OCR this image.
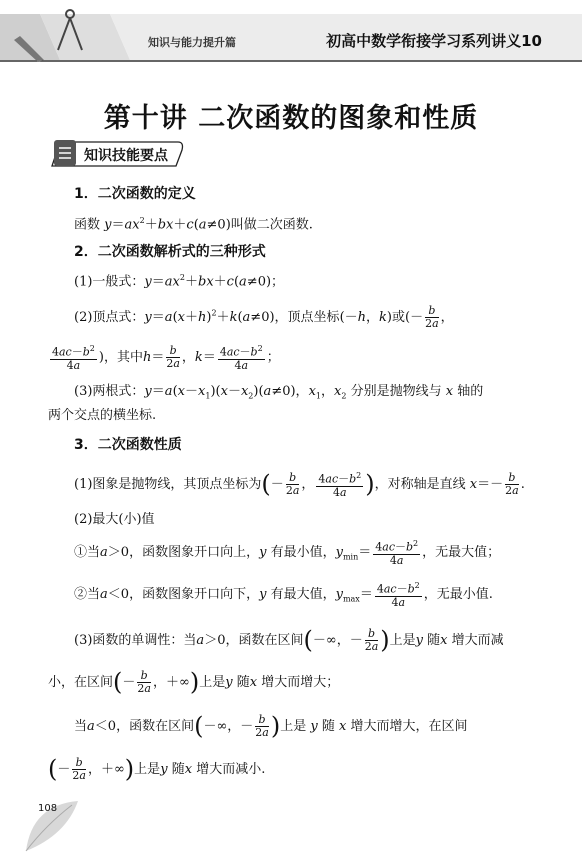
知识与能力提升篇	初高中数学衔接学习系列讲义10
第十讲 二次函数的图象和性质
知识技能要点
1．二次函数的定义
函数 $y=ax^2+bx+c(a\ne 0)$叫做二次函数.
2．二次函数解析式的三种形式
(1)一般式：$y=ax^2+bx+c(a\ne 0)$；
(2)顶点式：$y=a(x+h)^2+k(a\ne 0)$，顶点坐标(－h，k)或(－ $\frac{b}{2a}$ ，
$\frac{4ac-b^2}{4a}$ )，其中$h= \frac{b}{2a}$ ，$k= \frac{4ac-b^2}{4a}$ ；
(3)两根式：$y=a(x-x_1)(x-x_2)(a\ne 0)$，$x_1$，$x_2$ 分别是抛物线与 x 轴的
两个交点的横坐标.
3．二次函数性质
(1)图象是抛物线，其顶点坐标为(－ $\frac{b}{2a}$ ， $\frac{4ac-b^2}{4a}$ )，对称轴是直线 $x=- \frac{b}{2a}$ .
(2)最大(小)值
①当a＞0，函数图象开口向上，y 有最小值，$y_{min}= \frac{4ac-b^2}{4a}$ ，无最大值；
②当a＜0，函数图象开口向下，y 有最大值，$y_{max}= \frac{4ac-b^2}{4a}$ ，无最小值.
(3)函数的单调性：当a＞0，函数在区间(－∞，－ $\frac{b}{2a}$ )上是y 随x 增大而减
小，在区间(－ $\frac{b}{2a}$ ，＋∞)上是y 随x 增大而增大；
当a＜0，函数在区间(－∞，－ $\frac{b}{2a}$ )上是 y 随 x 增大而增大，在区间
(－ $\frac{b}{2a}$ ，＋∞)上是y 随x 增大而减小.
108
